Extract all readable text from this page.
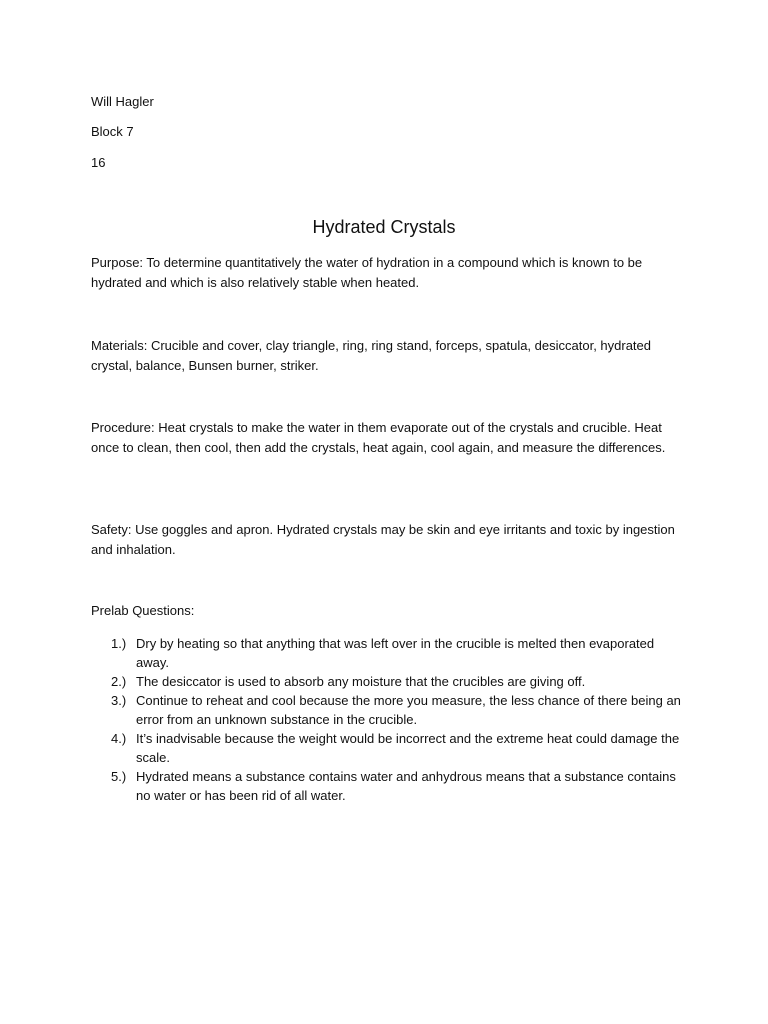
Will Hagler
Block 7
16
Hydrated Crystals
Purpose: To determine quantitatively the water of hydration in a compound which is known to be hydrated and which is also relatively stable when heated.
Materials: Crucible and cover, clay triangle, ring, ring stand, forceps, spatula, desiccator, hydrated crystal, balance, Bunsen burner, striker.
Procedure: Heat crystals to make the water in them evaporate out of the crystals and crucible. Heat once to clean, then cool, then add the crystals, heat again, cool again, and measure the differences.
Safety: Use goggles and apron. Hydrated crystals may be skin and eye irritants and toxic by ingestion and inhalation.
Prelab Questions:
1.) Dry by heating so that anything that was left over in the crucible is melted then evaporated away.
2.) The desiccator is used to absorb any moisture that the crucibles are giving off.
3.) Continue to reheat and cool because the more you measure, the less chance of there being an error from an unknown substance in the crucible.
4.) It’s inadvisable because the weight would be incorrect and the extreme heat could damage the scale.
5.) Hydrated means a substance contains water and anhydrous means that a substance contains no water or has been rid of all water.
